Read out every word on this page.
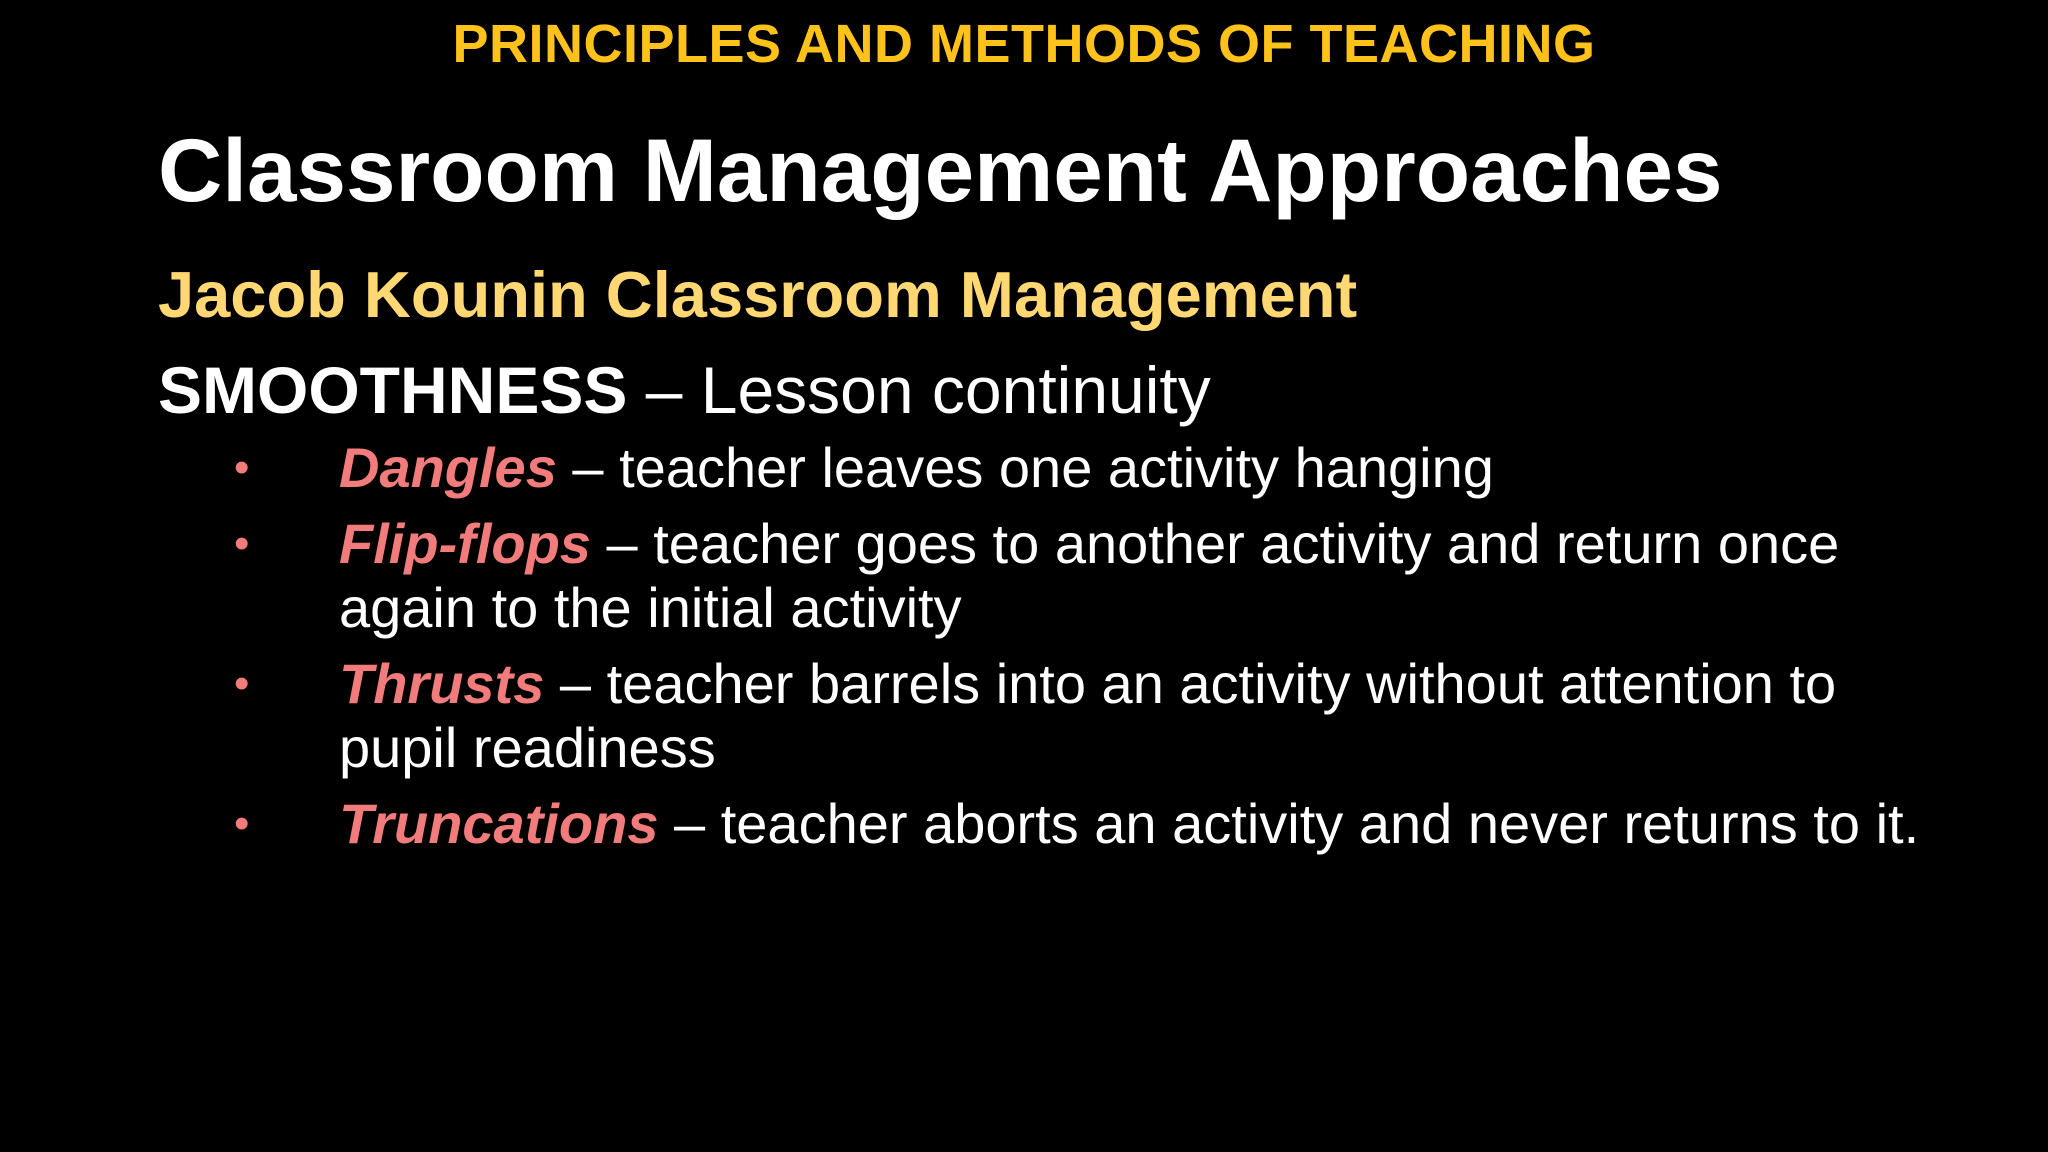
PRINCIPLES AND METHODS OF TEACHING
Classroom Management Approaches
Jacob Kounin Classroom Management
SMOOTHNESS – Lesson continuity
• Dangles – teacher leaves one activity hanging
• Flip-flops – teacher goes to another activity and return once again to the initial activity
• Thrusts – teacher barrels into an activity without attention to pupil readiness
• Truncations – teacher aborts an activity and never returns to it.
